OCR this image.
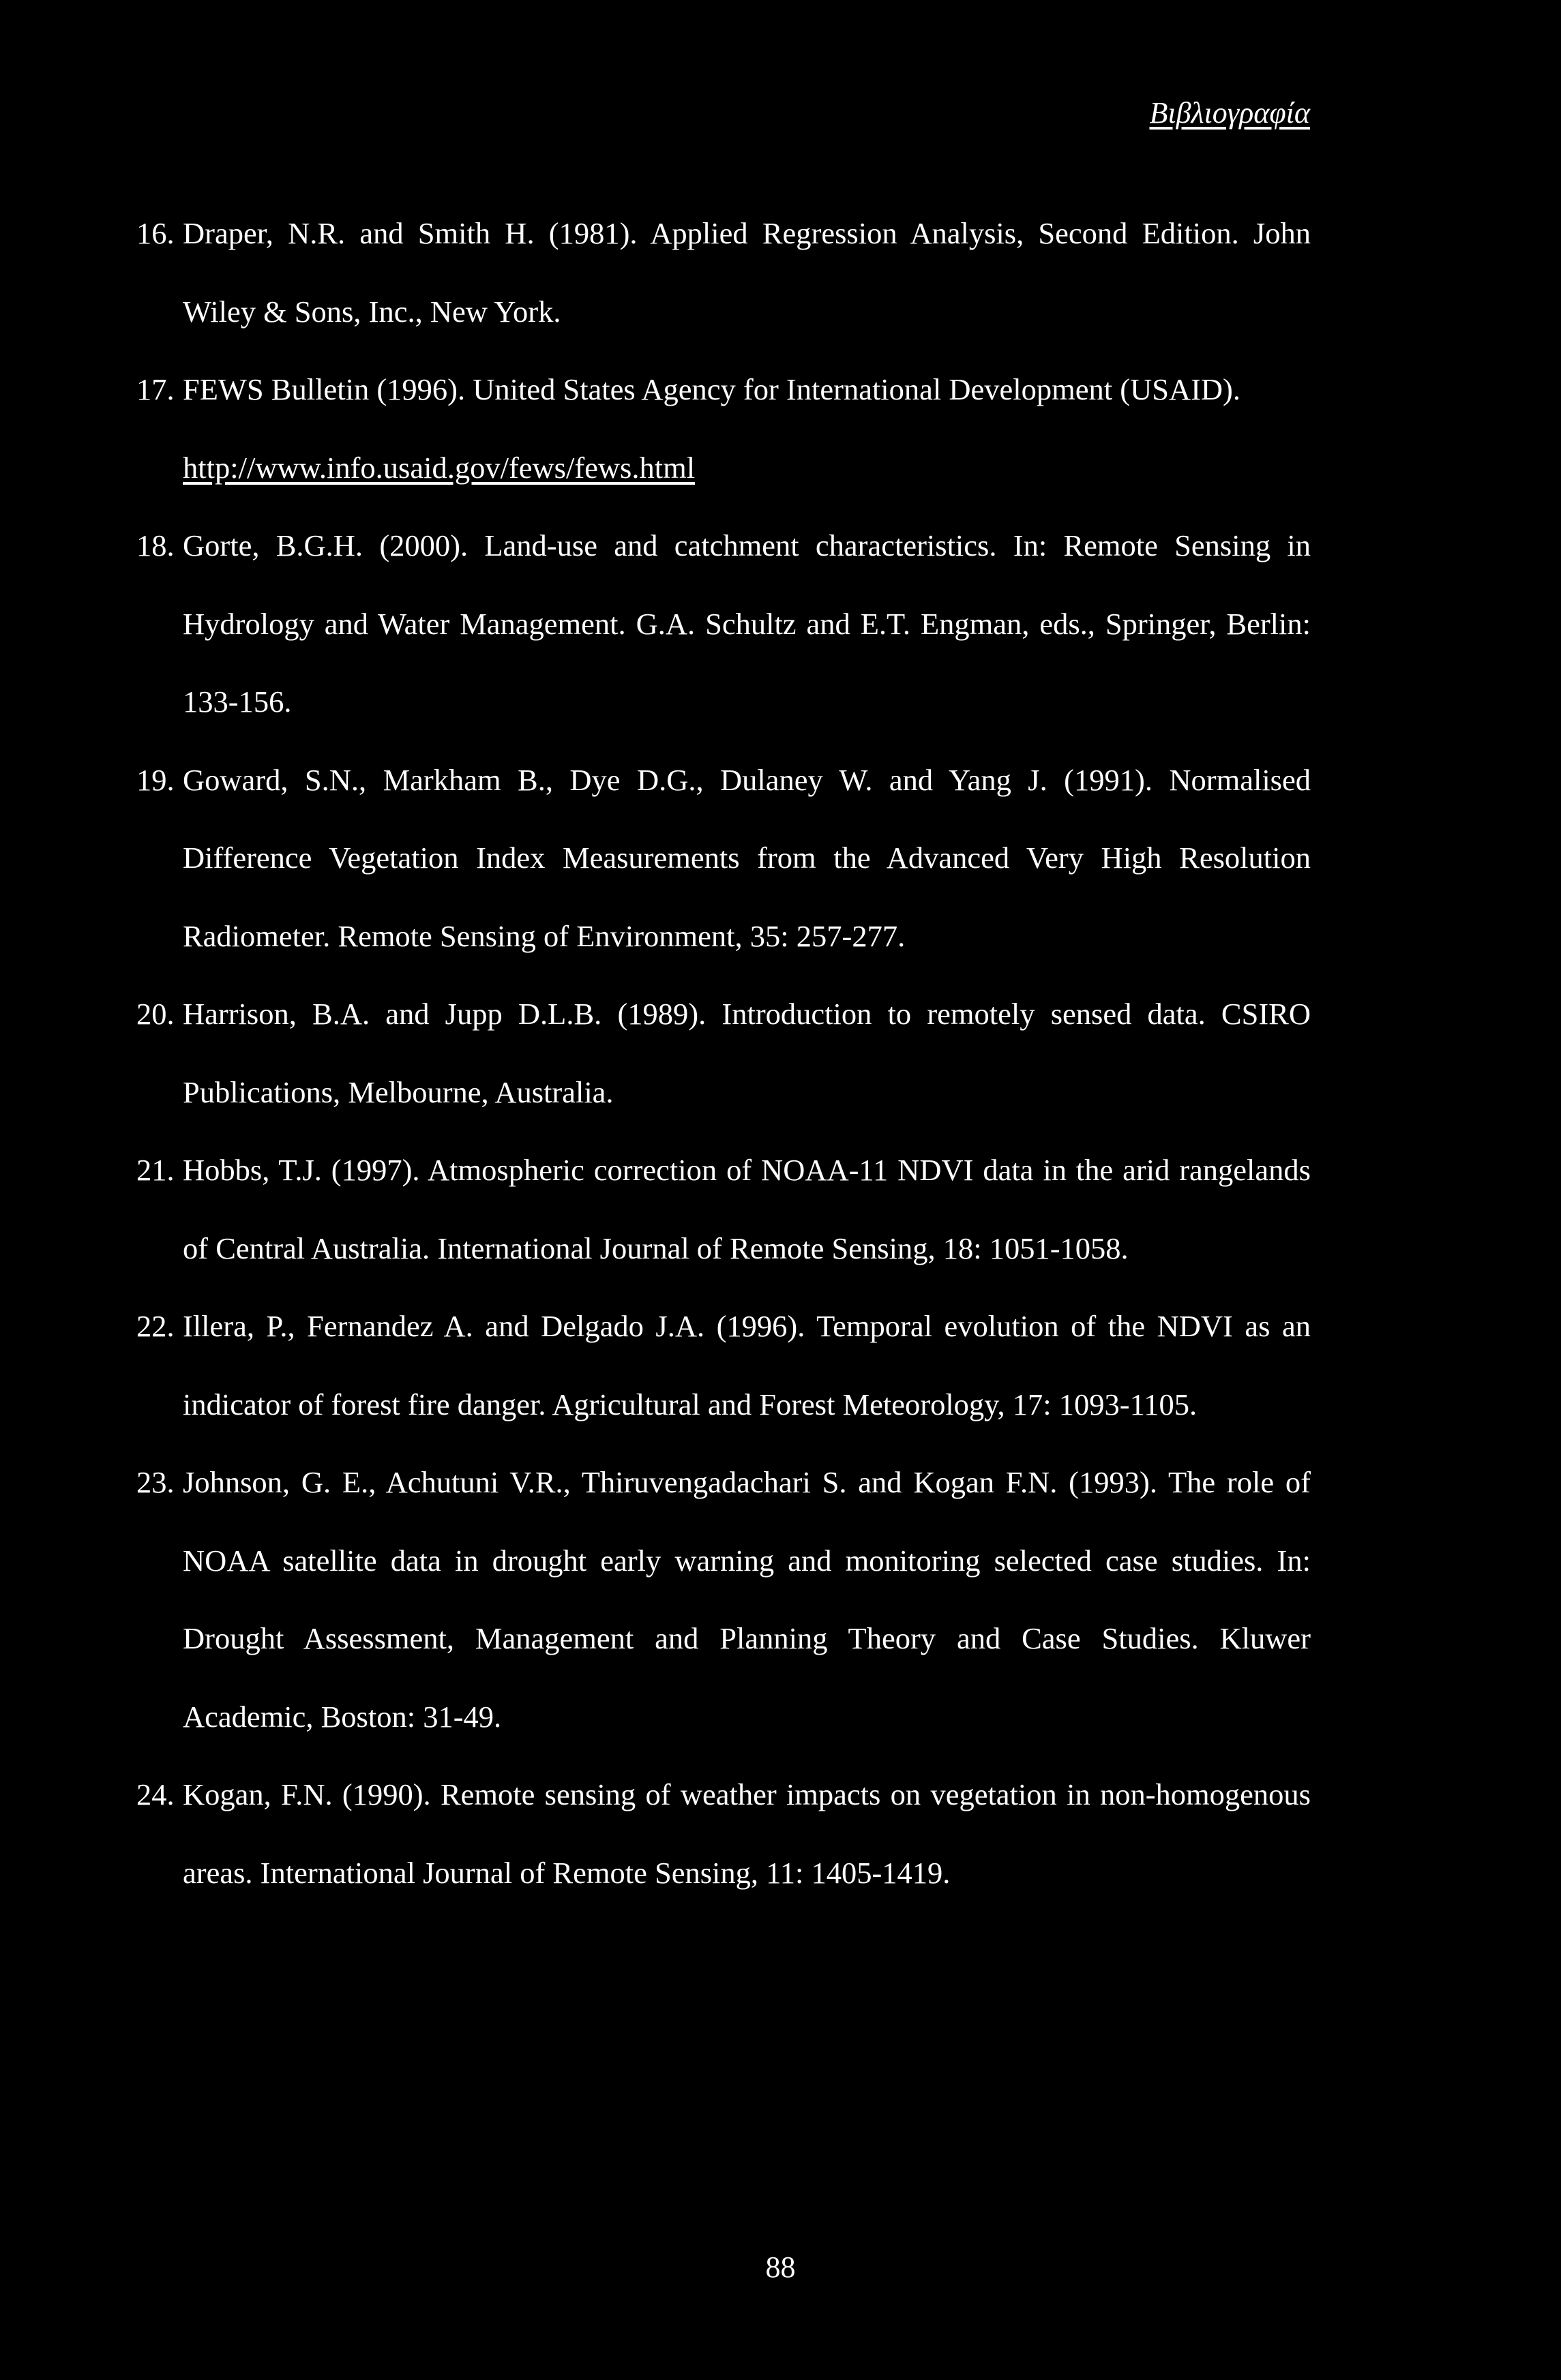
Βιβλιογραφία
16. Draper, N.R. and Smith H. (1981). Applied Regression Analysis, Second Edition. John Wiley & Sons, Inc., New York.
17. FEWS Bulletin (1996). United States Agency for International Development (USAID).
http://www.info.usaid.gov/fews/fews.html
18. Gorte, B.G.H. (2000). Land-use and catchment characteristics. In: Remote Sensing in Hydrology and Water Management. G.A. Schultz and E.T. Engman, eds., Springer, Berlin: 133-156.
19. Goward, S.N., Markham B., Dye D.G., Dulaney W. and Yang J. (1991). Normalised Difference Vegetation Index Measurements from the Advanced Very High Resolution Radiometer. Remote Sensing of Environment, 35: 257-277.
20. Harrison, B.A. and Jupp D.L.B. (1989). Introduction to remotely sensed data. CSIRO Publications, Melbourne, Australia.
21. Hobbs, T.J. (1997). Atmospheric correction of NOAA-11 NDVI data in the arid rangelands of Central Australia. International Journal of Remote Sensing, 18: 1051-1058.
22. Illera, P., Fernandez A. and Delgado J.A. (1996). Temporal evolution of the NDVI as an indicator of forest fire danger. Agricultural and Forest Meteorology, 17: 1093-1105.
23. Johnson, G. E., Achutuni V.R., Thiruvengadachari S. and Kogan F.N. (1993). The role of NOAA satellite data in drought early warning and monitoring selected case studies. In: Drought Assessment, Management and Planning Theory and Case Studies. Kluwer Academic, Boston: 31-49.
24. Kogan, F.N. (1990). Remote sensing of weather impacts on vegetation in non-homogenous areas. International Journal of Remote Sensing, 11: 1405-1419.
88
